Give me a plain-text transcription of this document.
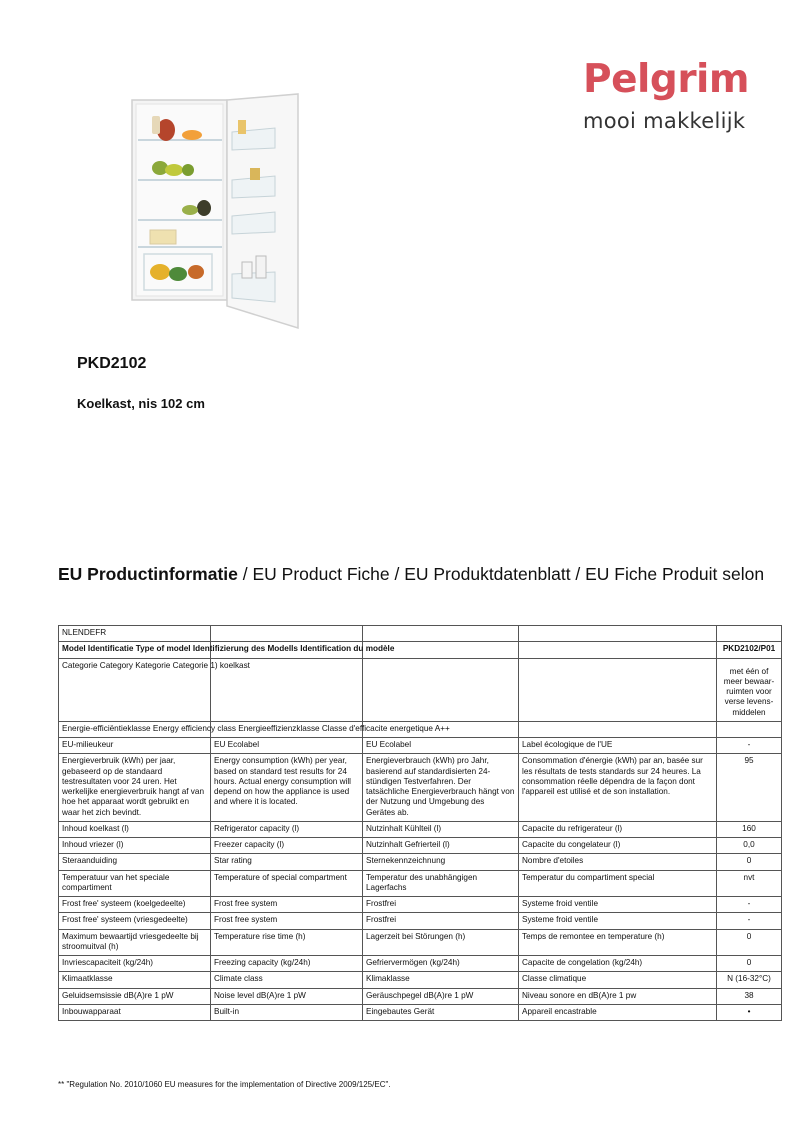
Pelgrim
mooi makkelijk
PKD2102
Koelkast, nis 102 cm
EU Productinformatie / EU Product Fiche / EU Produktdatenblatt / EU Fiche Produit selon
NLENDEFR				
Model Identificatie Type of model Identifizierung des Modells Identification du modèle				PKD2102/P01
Categorie Category Kategorie Categorie 1) koelkast				met één of meer bewaar-ruimten voor verse levens-middelen
Energie-efficiëntieklasse Energy efficiency class Energieeffizienzklasse Classe d'efficacite energetique A++				
EU-milieukeur	EU Ecolabel	EU Ecolabel	Label écologique de l'UE	-
Energieverbruik (kWh) per jaar, gebaseerd op de standaard testresultaten voor 24 uren. Het werkelijke energieverbruik hangt af van hoe het apparaat wordt gebruikt en waar het zich bevindt.	Energy consumption (kWh) per year, based on standard test results for 24 hours. Actual energy consumption will depend on how the appliance is used and where it is located.	Energieverbrauch (kWh) pro Jahr, basierend auf standardisierten 24-stündigen Testverfahren. Der tatsächliche Energieverbrauch hängt von der Nutzung und Umgebung des Gerätes ab.	Consommation d'énergie (kWh) par an, basée sur les résultats de tests standards sur 24 heures. La consommation réelle dépendra de la façon dont l'appareil est utilisé et de son installation.	95
Inhoud koelkast (l)	Refrigerator capacity (l)	Nutzinhalt Kühlteil (l)	Capacite du refrigerateur (l)	160
Inhoud vriezer (l)	Freezer capacity (l)	Nutzinhalt Gefrierteil (l)	Capacite du congelateur (l)	0,0
Steraanduiding	Star rating	Sternekennzeichnung	Nombre d'etoiles	0
Temperatuur van het speciale compartiment	Temperature of special compartment	Temperatur des unabhängigen Lagerfachs	Temperatur du compartiment special	nvt
Frost free' systeem (koelgedeelte)	Frost free system	Frostfrei	Systeme froid ventile	-
Frost free' systeem (vriesgedeelte)	Frost free system	Frostfrei	Systeme froid ventile	-
Maximum bewaartijd vriesgedeelte bij stroomuitval (h)	Temperature rise time (h)	Lagerzeit bei Störungen (h)	Temps de remontee en temperature (h)	0
Invriescapaciteit (kg/24h)	Freezing capacity (kg/24h)	Gefriervermögen (kg/24h)	Capacite de congelation (kg/24h)	0
Klimaatklasse	Climate class	Klimaklasse	Classe climatique	N (16-32°C)
Geluidsemsissie dB(A)re 1 pW	Noise level dB(A)re 1 pW	Geräuschpegel dB(A)re 1 pW	Niveau sonore en dB(A)re 1 pw	38
Inbouwapparaat	Built-in	Eingebautes Gerät	Appareil encastrable	•
** "Regulation No. 2010/1060 EU measures for the implementation of Directive 2009/125/EC".
